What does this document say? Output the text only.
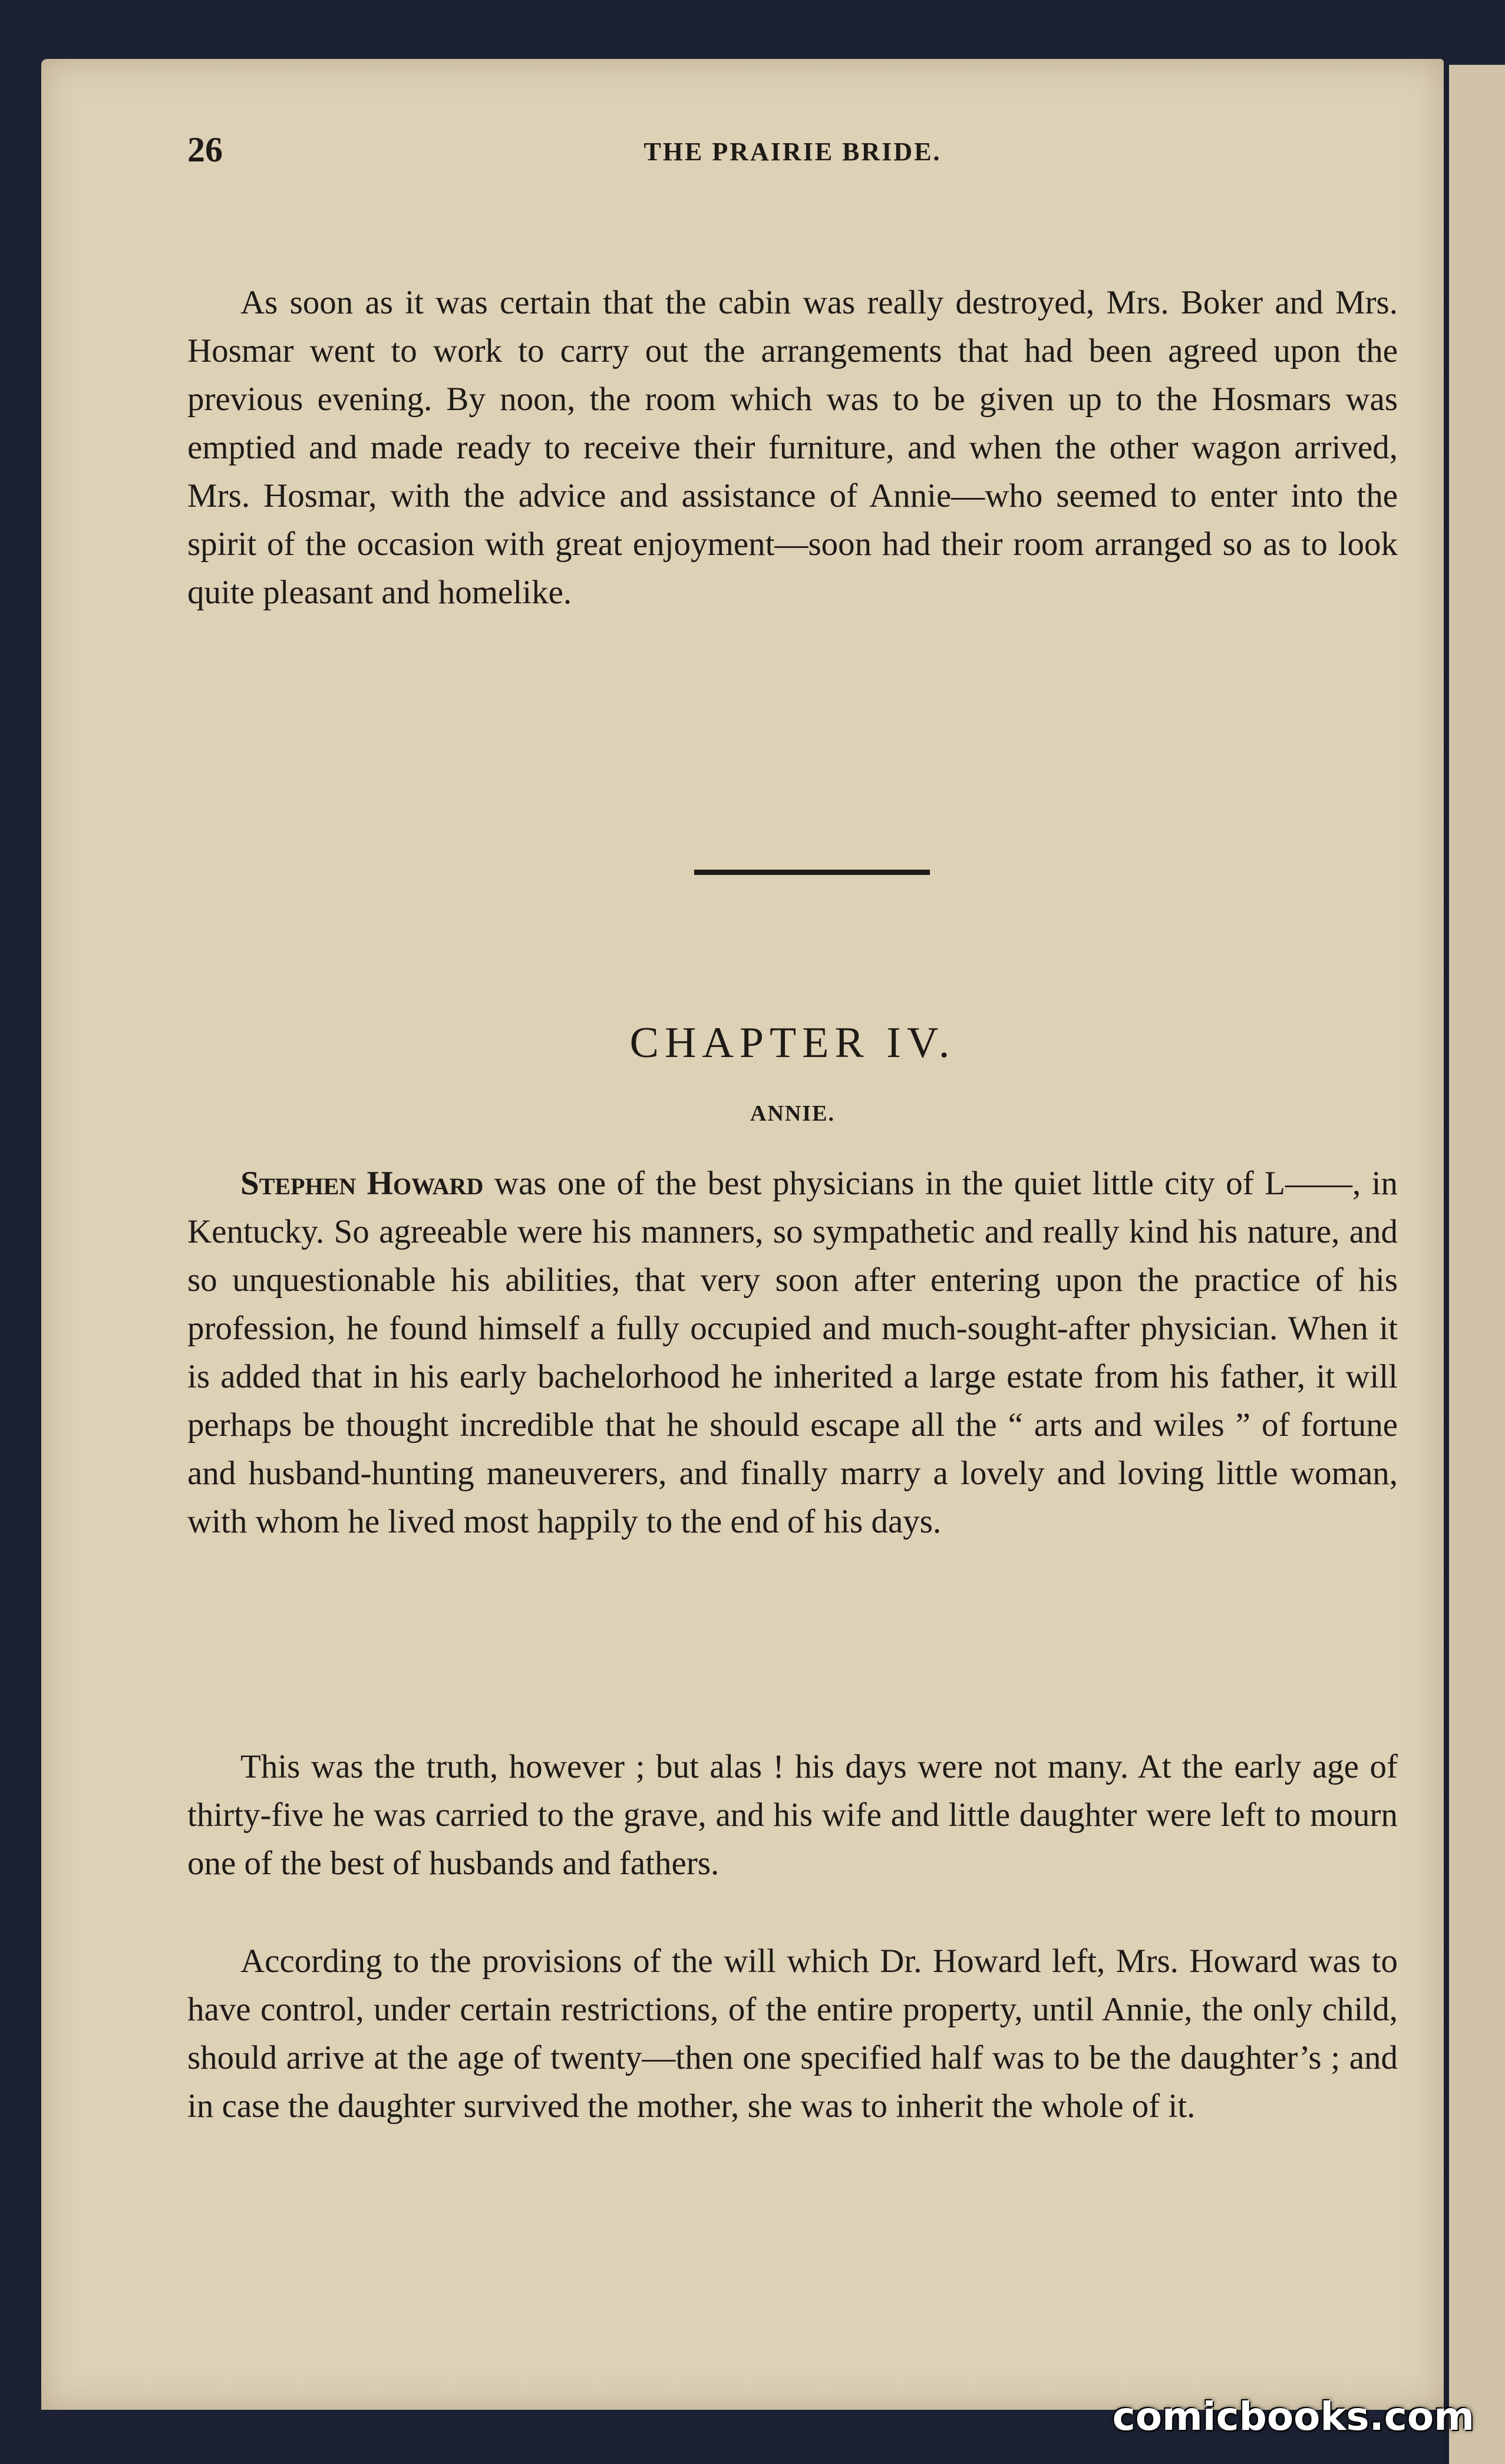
26	THE PRAIRIE BRIDE.

As soon as it was certain that the cabin was really destroyed, Mrs. Boker and Mrs. Hosmar went to work to carry out the arrangements that had been agreed upon the previous evening. By noon, the room which was to be given up to the Hosmars was emptied and made ready to receive their furniture, and when the other wagon arrived, Mrs. Hosmar, with the advice and assistance of Annie—who seemed to enter into the spirit of the occasion with great enjoyment—soon had their room arranged so as to look quite pleasant and homelike.

CHAPTER IV.
ANNIE.

Stephen Howard was one of the best physicians in the quiet little city of L——, in Kentucky. So agreeable were his manners, so sympathetic and really kind his nature, and so unquestionable his abilities, that very soon after entering upon the practice of his profession, he found himself a fully occupied and much-sought-after physician. When it is added that in his early bachelorhood he inherited a large estate from his father, it will perhaps be thought incredible that he should escape all the “ arts and wiles ” of fortune and husband-hunting maneuverers, and finally marry a lovely and loving little woman, with whom he lived most happily to the end of his days.

This was the truth, however ; but alas ! his days were not many. At the early age of thirty-five he was carried to the grave, and his wife and little daughter were left to mourn one of the best of husbands and fathers.

According to the provisions of the will which Dr. Howard left, Mrs. Howard was to have control, under certain restrictions, of the entire property, until Annie, the only child, should arrive at the age of twenty—then one specified half was to be the daughter’s ; and in case the daughter survived the mother, she was to inherit the whole of it.

comicbooks.com
